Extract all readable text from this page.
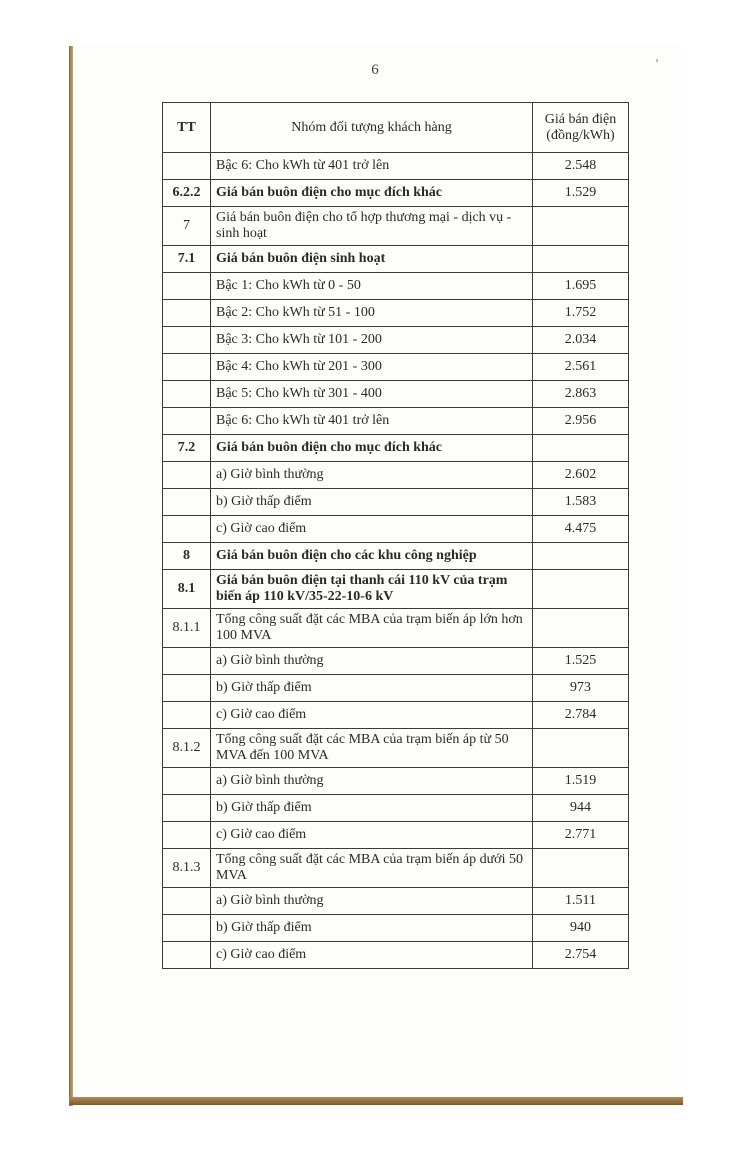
'
6
TT	Nhóm đối tượng khách hàng	Giá bán điện (đồng/kWh)
	Bậc 6: Cho kWh từ 401 trở lên	2.548
6.2.2	Giá bán buôn điện cho mục đích khác	1.529
7	Giá bán buôn điện cho tổ hợp thương mại - dịch vụ - sinh hoạt	
7.1	Giá bán buôn điện sinh hoạt	
	Bậc 1: Cho kWh từ 0 - 50	1.695
	Bậc 2: Cho kWh từ 51 - 100	1.752
	Bậc 3: Cho kWh từ 101 - 200	2.034
	Bậc 4: Cho kWh từ 201 - 300	2.561
	Bậc 5: Cho kWh từ 301 - 400	2.863
	Bậc 6: Cho kWh từ 401 trở lên	2.956
7.2	Giá bán buôn điện cho mục đích khác	
	a) Giờ bình thường	2.602
	b) Giờ thấp điểm	1.583
	c) Giờ cao điểm	4.475
8	Giá bán buôn điện cho các khu công nghiệp	
8.1	Giá bán buôn điện tại thanh cái 110 kV của trạm biến áp 110 kV/35-22-10-6 kV	
8.1.1	Tổng công suất đặt các MBA của trạm biến áp lớn hơn 100 MVA	
	a) Giờ bình thường	1.525
	b) Giờ thấp điểm	973
	c) Giờ cao điểm	2.784
8.1.2	Tổng công suất đặt các MBA của trạm biến áp từ 50 MVA đến 100 MVA	
	a) Giờ bình thường	1.519
	b) Giờ thấp điểm	944
	c) Giờ cao điểm	2.771
8.1.3	Tổng công suất đặt các MBA của trạm biến áp dưới 50 MVA	
	a) Giờ bình thường	1.511
	b) Giờ thấp điểm	940
	c) Giờ cao điểm	2.754
